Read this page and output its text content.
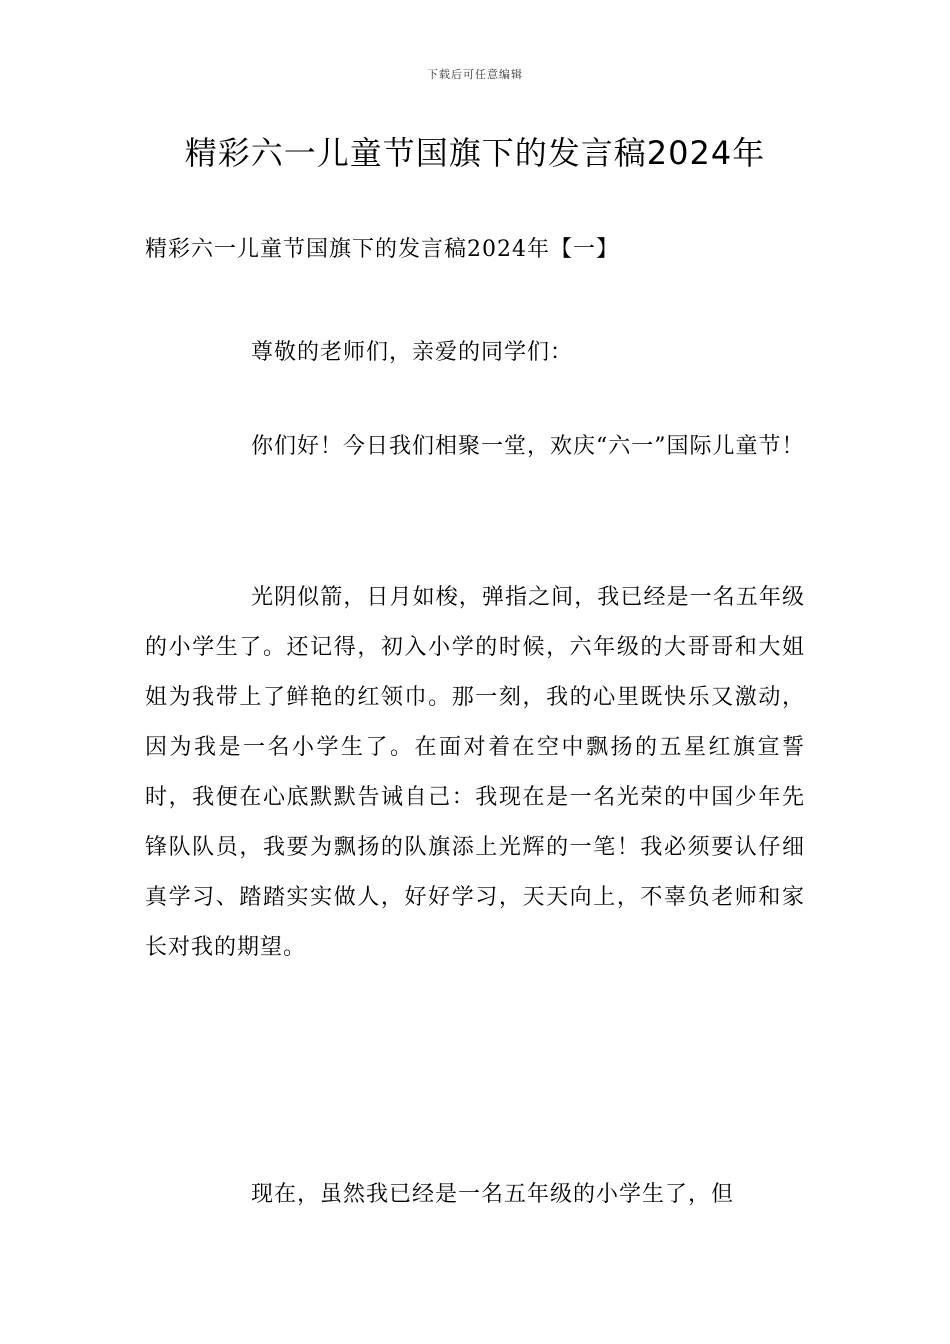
下载后可任意编辑
精彩六一儿童节国旗下的发言稿2024年
精彩六一儿童节国旗下的发言稿2024年【一】

尊敬的老师们，亲爱的同学们：

你们好！今日我们相聚一堂，欢庆“六一”国际儿童节！

光阴似箭，日月如梭，弹指之间，我已经是一名五年级的小学生了。还记得，初入小学的时候，六年级的大哥哥和大姐姐为我带上了鲜艳的红领巾。那一刻，我的心里既快乐又激动，因为我是一名小学生了。在面对着在空中飘扬的五星红旗宣誓时，我便在心底默默告诫自己：我现在是一名光荣的中国少年先锋队队员，我要为飘扬的队旗添上光辉的一笔！我必须要认仔细真学习、踏踏实实做人，好好学习，天天向上，不辜负老师和家长对我的期望。

现在，虽然我已经是一名五年级的小学生了，但
